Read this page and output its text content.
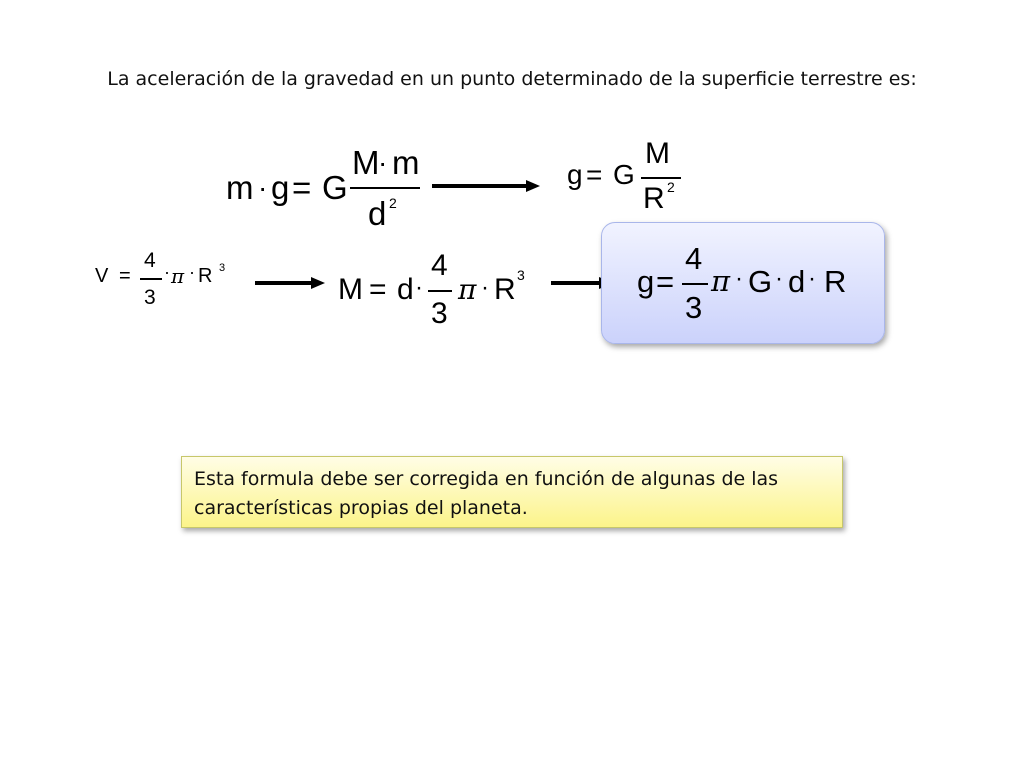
La aceleración de la gravedad en un punto determinado de la superficie terrestre es:
m · g = G
M
· m
d 2
g = G
M
R 2
V =
4
3
· π · R 3
M = d ·
4
3
π · R 3	g =
4
3
π · G · d · R
Esta formula debe ser corregida en función de algunas de las características propias del planeta.
